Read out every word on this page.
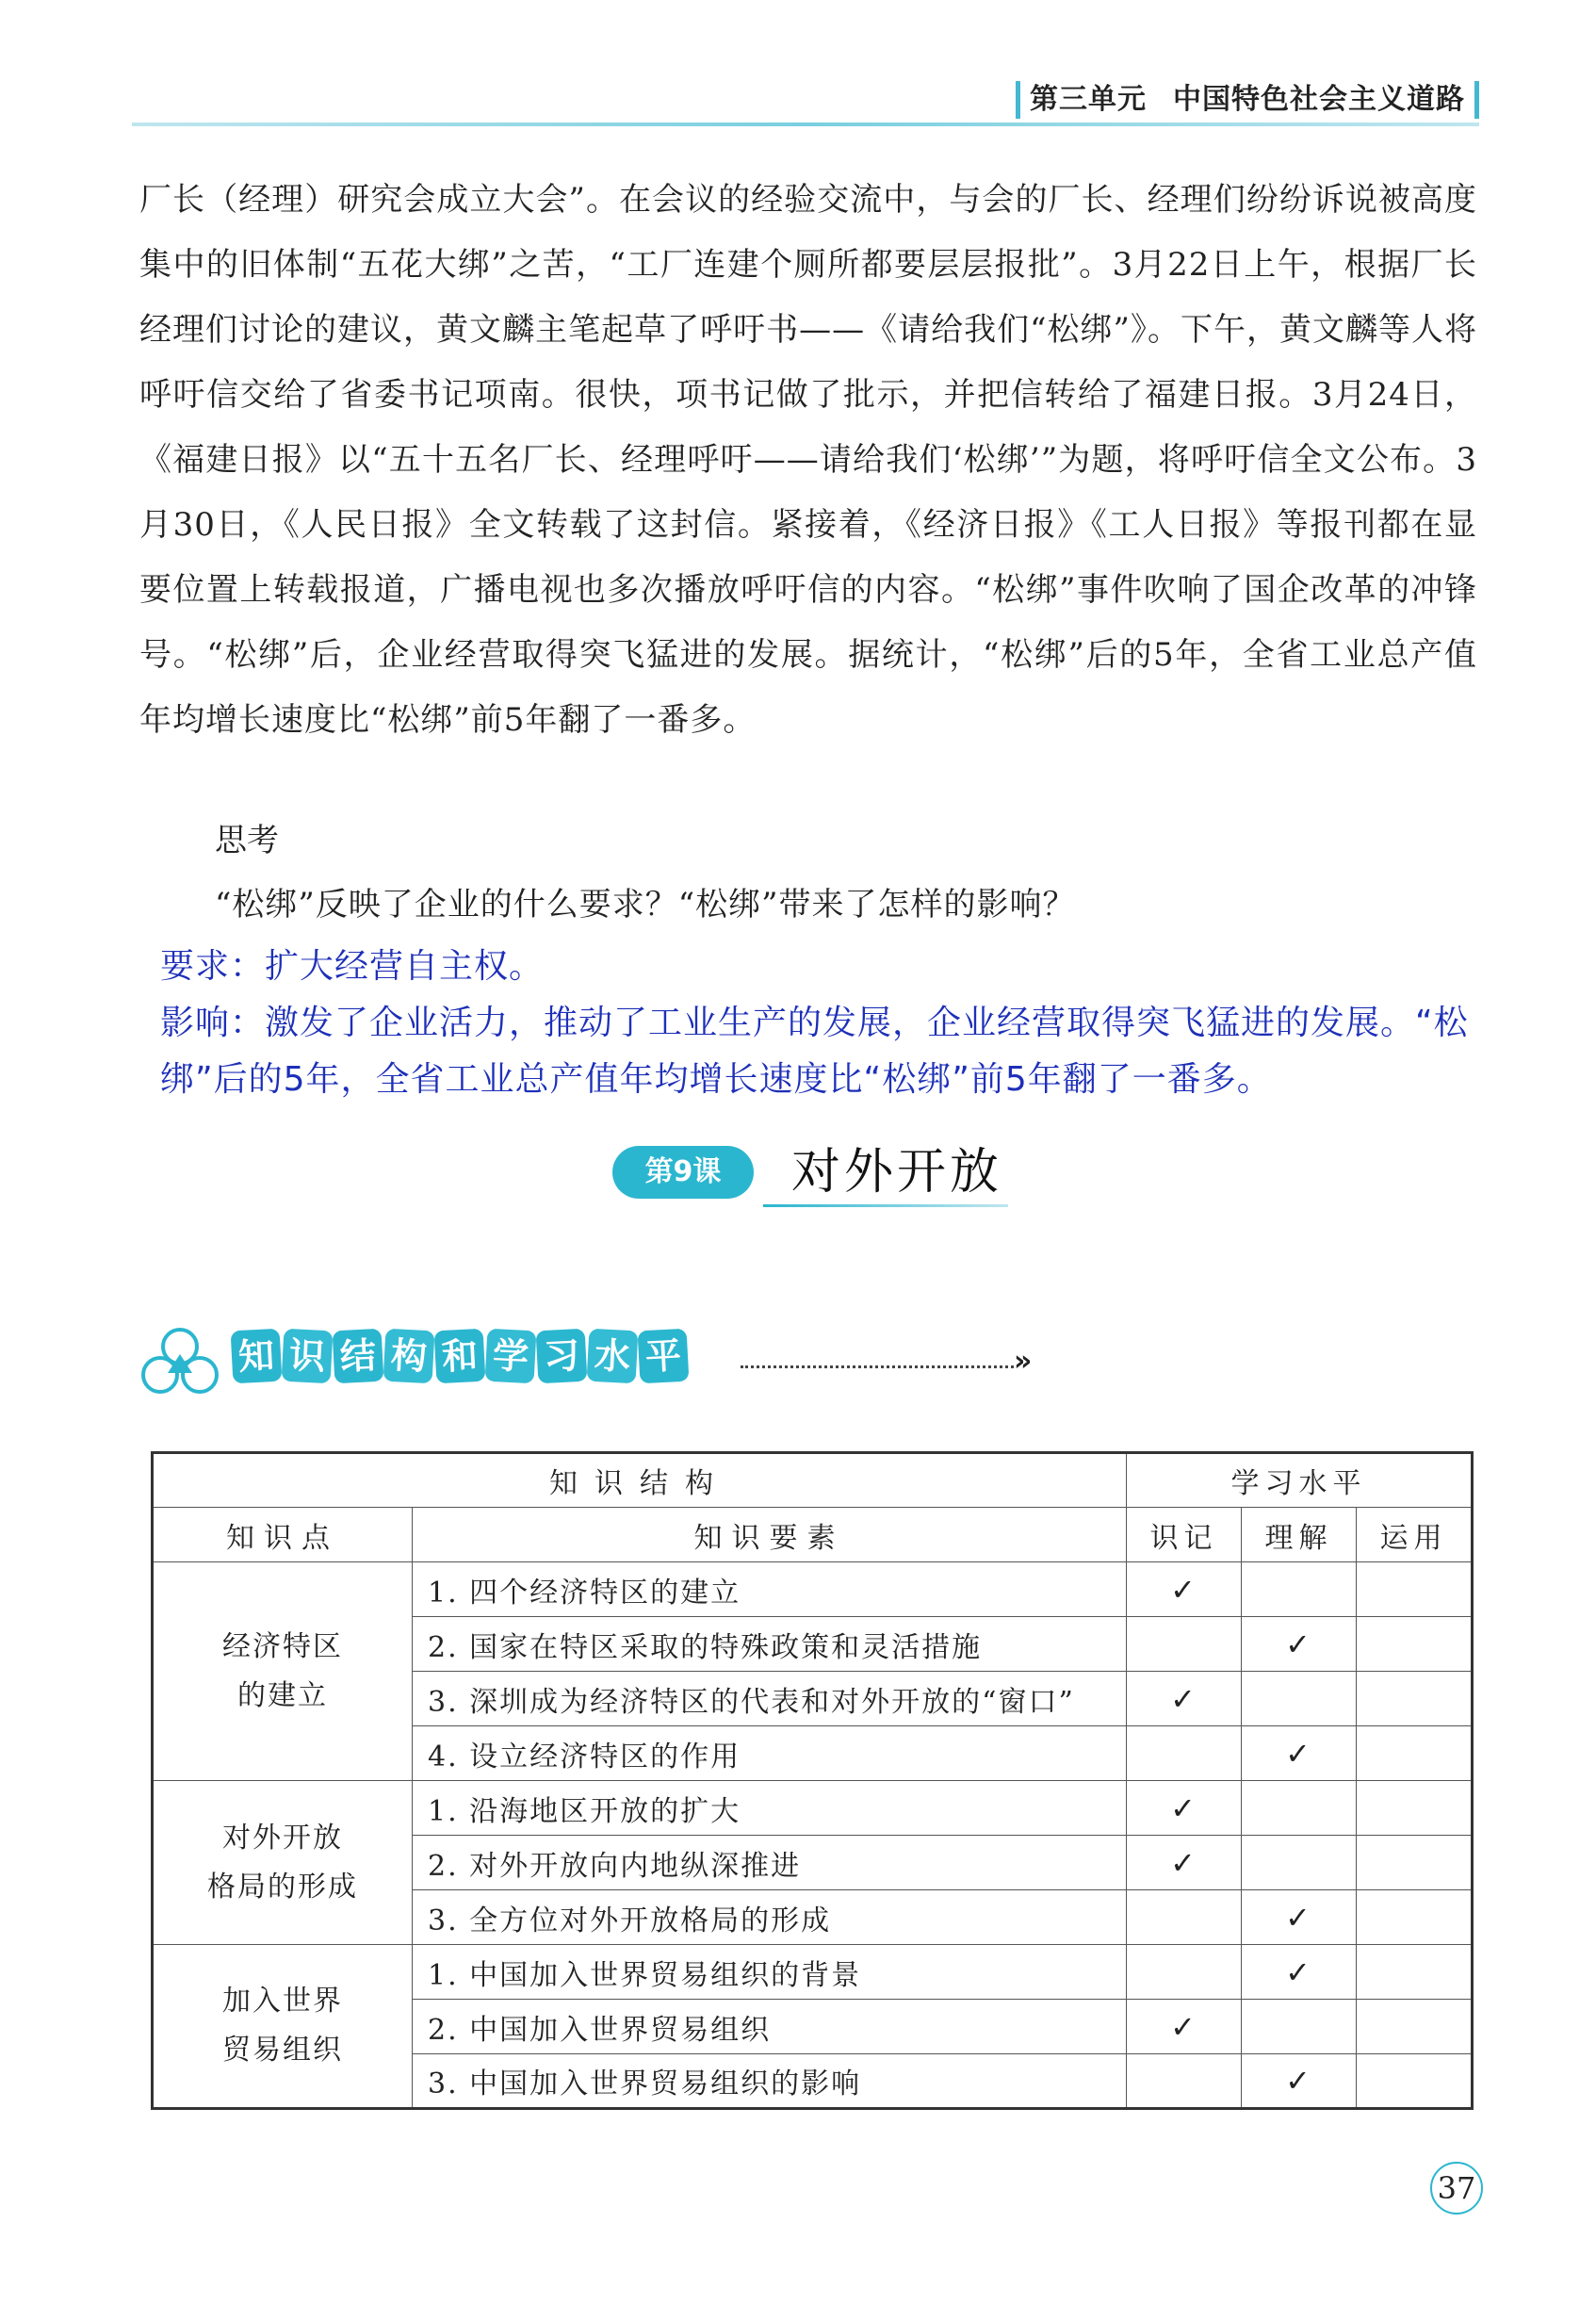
第三单元 中国特色社会主义道路

厂长（经理）研究会成立大会”。在会议的经验交流中，与会的厂长、经理们纷纷诉说被高度集中的旧体制“五花大绑”之苦，“工厂连建个厕所都要层层报批”。3月22日上午，根据厂长经理们讨论的建议，黄文麟主笔起草了呼吁书——《请给我们“松绑”》。下午，黄文麟等人将呼吁信交给了省委书记项南。很快，项书记做了批示，并把信转给了福建日报。3月24日，《福建日报》以“五十五名厂长、经理呼吁——请给我们‘松绑’”为题，将呼吁信全文公布。3月30日，《人民日报》全文转载了这封信。紧接着，《经济日报》《工人日报》等报刊都在显要位置上转载报道，广播电视也多次播放呼吁信的内容。“松绑”事件吹响了国企改革的冲锋号。“松绑”后，企业经营取得突飞猛进的发展。据统计，“松绑”后的5年，全省工业总产值年均增长速度比“松绑”前5年翻了一番多。

思考
“松绑”反映了企业的什么要求？“松绑”带来了怎样的影响？

要求：扩大经营自主权。

影响：激发了企业活力，推动了工业生产的发展，企业经营取得突飞猛进的发展。“松绑”后的5年，全省工业总产值年均增长速度比“松绑”前5年翻了一番多。

第9课	对外开放
知 识 结 构 和 学 习 水 平	»
知识结构		学习水平		
知识点	知识要素	识记	理解	运用

经济特区
的建立	1. 四个经济特区的建立	✓		
	2. 国家在特区采取的特殊政策和灵活措施		✓	
	3. 深圳成为经济特区的代表和对外开放的“窗口”	✓		
	4. 设立经济特区的作用		✓	

对外开放
格局的形成	1. 沿海地区开放的扩大	✓		
	2. 对外开放向内地纵深推进	✓		
	3. 全方位对外开放格局的形成		✓	

加入世界
贸易组织	1. 中国加入世界贸易组织的背景		✓	
	2. 中国加入世界贸易组织	✓		
	3. 中国加入世界贸易组织的影响		✓	
37
